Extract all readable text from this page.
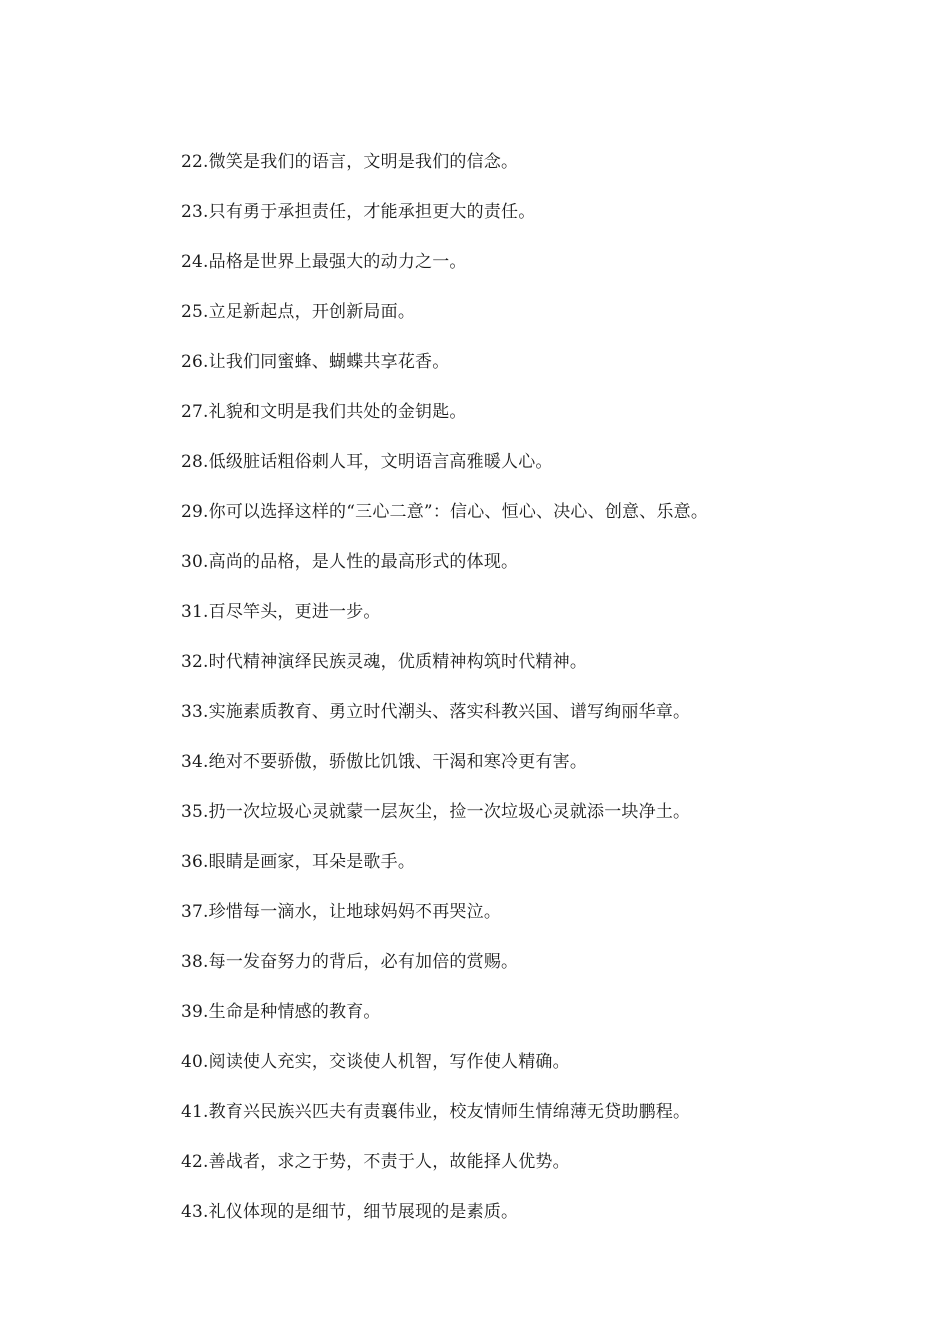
22.微笑是我们的语言，文明是我们的信念。
23.只有勇于承担责任，才能承担更大的责任。
24.品格是世界上最强大的动力之一。
25.立足新起点，开创新局面。
26.让我们同蜜蜂、蝴蝶共享花香。
27.礼貌和文明是我们共处的金钥匙。
28.低级脏话粗俗刺人耳，文明语言高雅暖人心。
29.你可以选择这样的“三心二意”：信心、恒心、决心、创意、乐意。
30.高尚的品格，是人性的最高形式的体现。
31.百尽竿头，更进一步。
32.时代精神演绎民族灵魂，优质精神构筑时代精神。
33.实施素质教育、勇立时代潮头、落实科教兴国、谱写绚丽华章。
34.绝对不要骄傲，骄傲比饥饿、干渴和寒冷更有害。
35.扔一次垃圾心灵就蒙一层灰尘，捡一次垃圾心灵就添一块净土。
36.眼睛是画家，耳朵是歌手。
37.珍惜每一滴水，让地球妈妈不再哭泣。
38.每一发奋努力的背后，必有加倍的赏赐。
39.生命是种情感的教育。
40.阅读使人充实，交谈使人机智，写作使人精确。
41.教育兴民族兴匹夫有责襄伟业，校友情师生情绵薄无贷助鹏程。
42.善战者，求之于势，不责于人，故能择人优势。
43.礼仪体现的是细节，细节展现的是素质。
